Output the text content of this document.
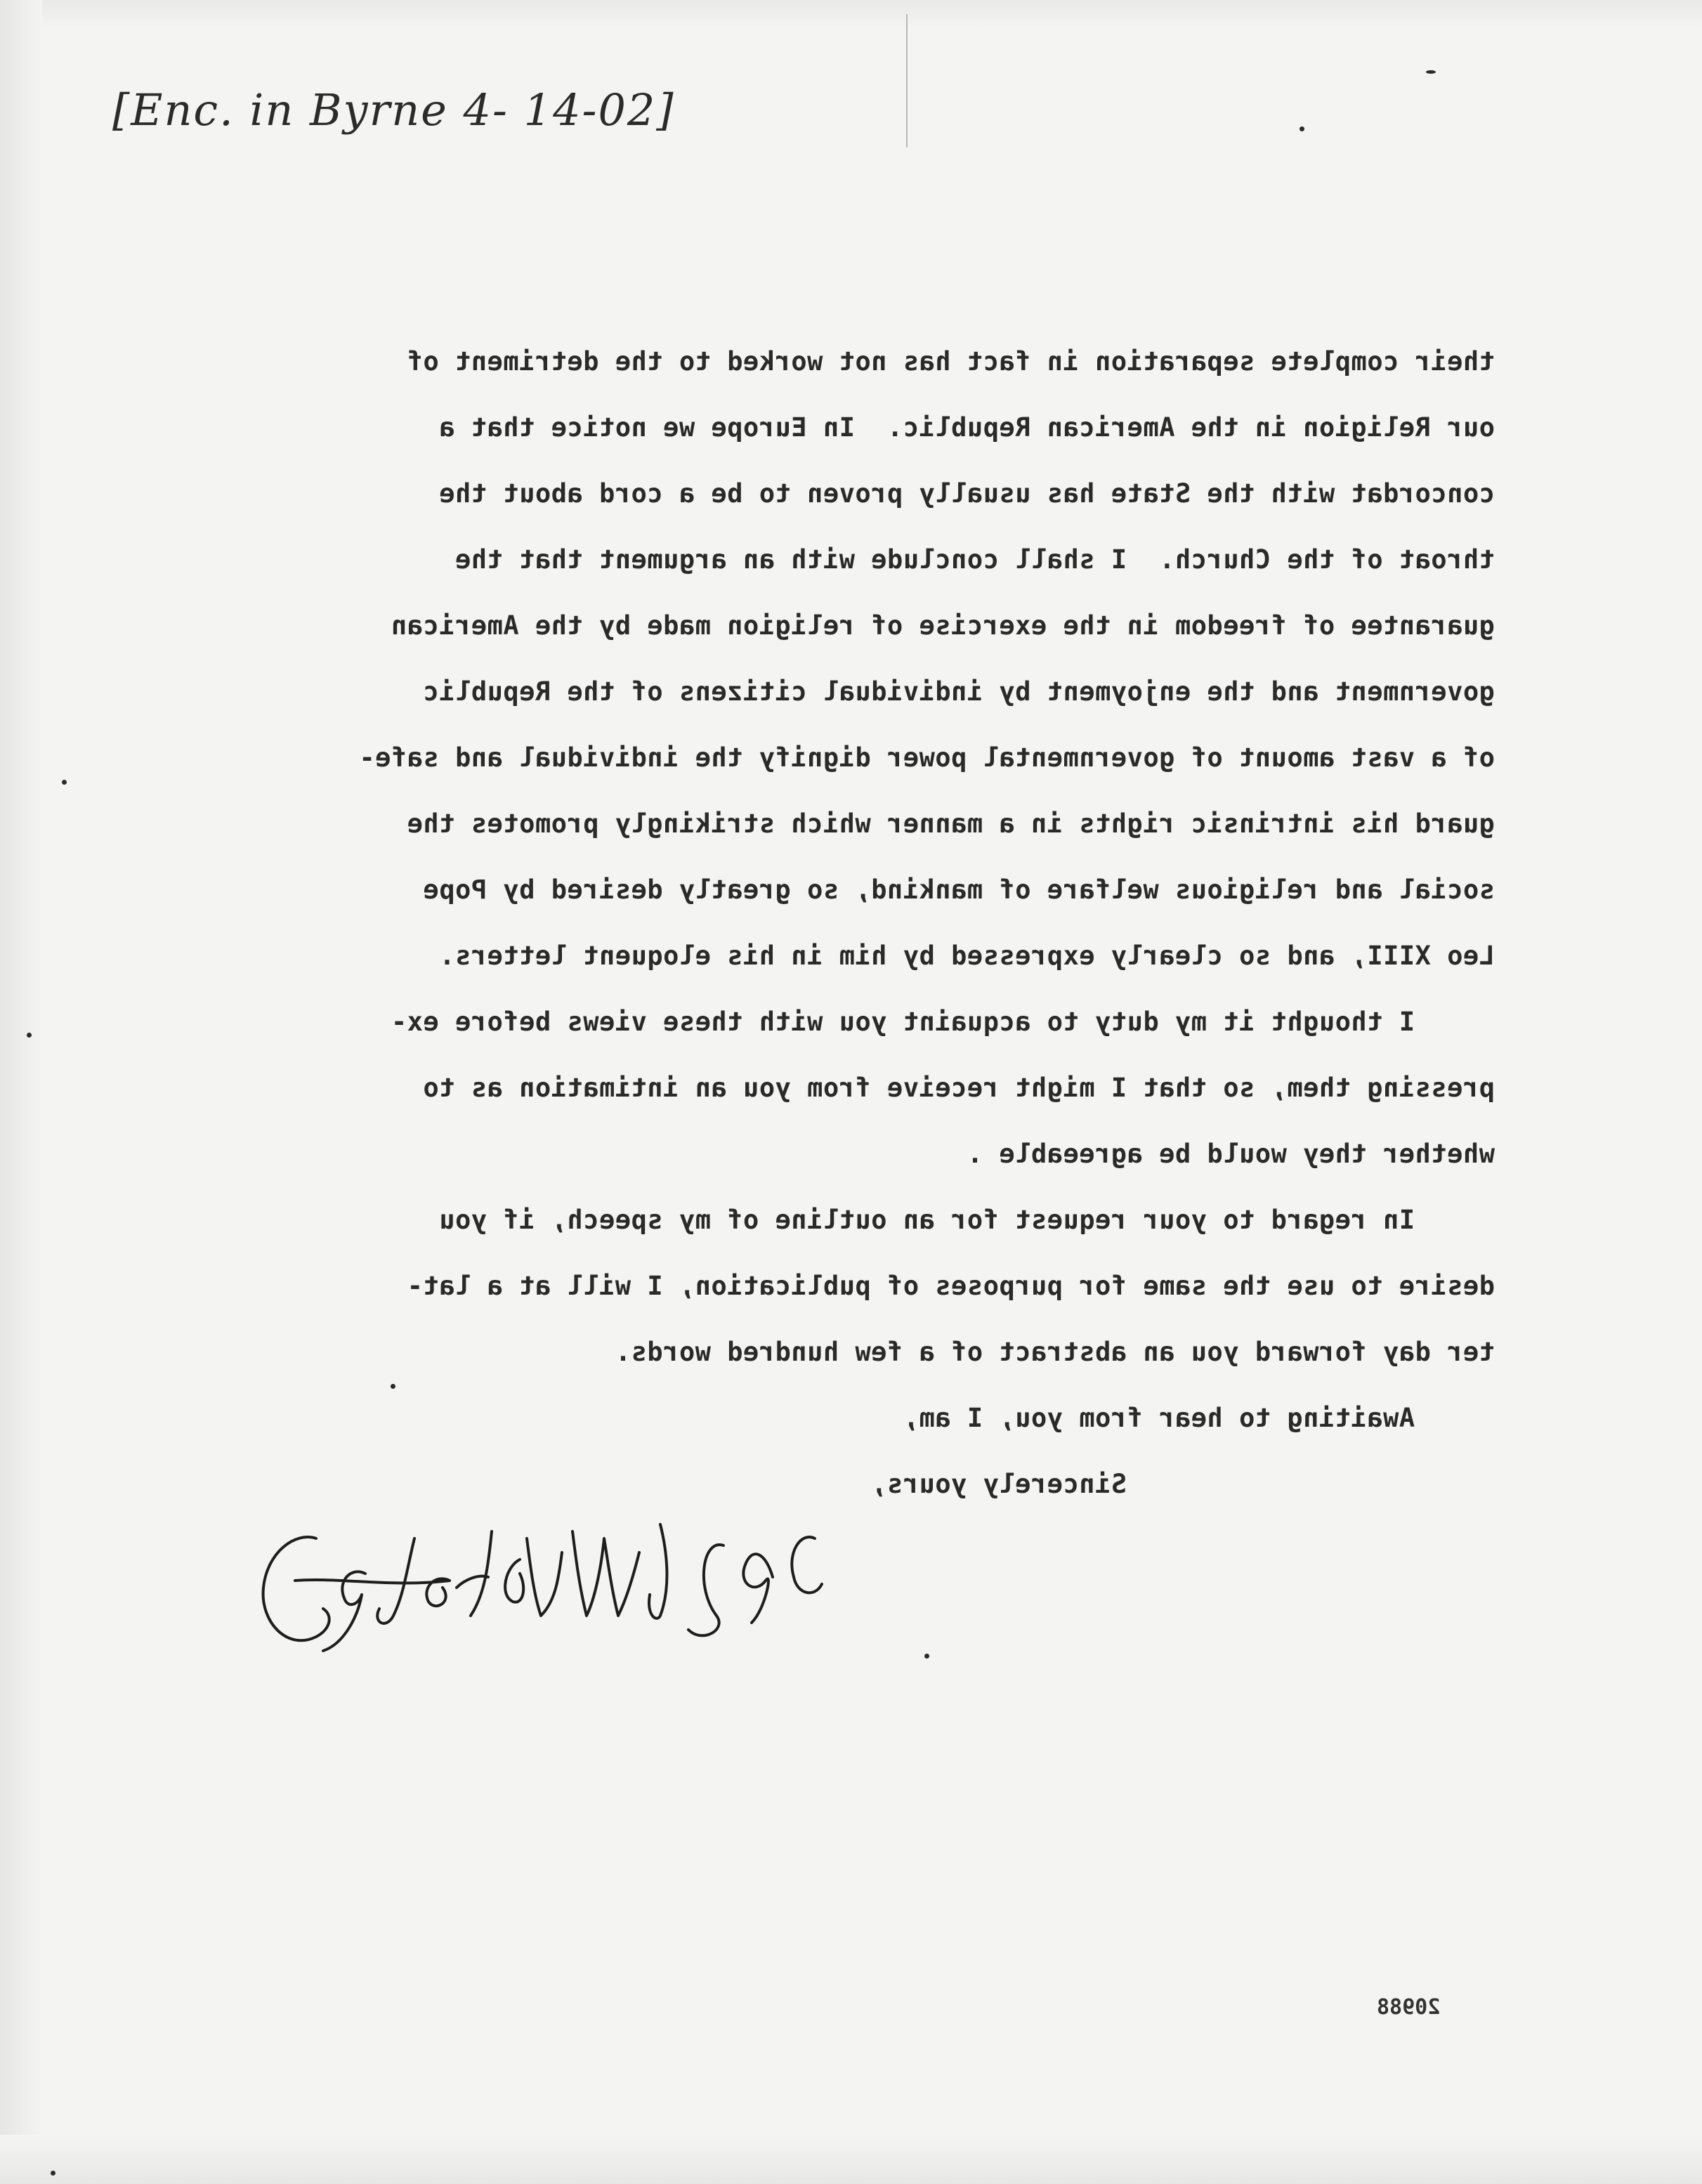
[Enc. in Byrne 4- 14-02]
their complete separation in fact has not worked to the detriment of
our Religion in the American Republic.  In Europe we notice that a
concordat with the State has usually proven to be a cord about the
throat of the Church.  I shall conclude with an argument that the
guarantee of freedom in the exercise of religion made by the American
government and the enjoyment by individual citizens of the Republic
of a vast amount of governmental power dignify the individual and safe-
guard his intrinsic rights in a manner which strikingly promotes the
social and religious welfare of mankind, so greatly desired by Pope
Leo XIII, and so clearly expressed by him in his eloquent letters.
I thought it my duty to acquaint you with these views before ex-
pressing them, so that I might receive from you an intimation as to
whether they would be agreeable .
In regard to your request for an outline of my speech, if you
desire to use the same for purposes of publication, I will at a lat-
ter day forward you an abstract of a few hundred words.
Awaiting to hear from you, I am,
Sincerely yours,
20988
